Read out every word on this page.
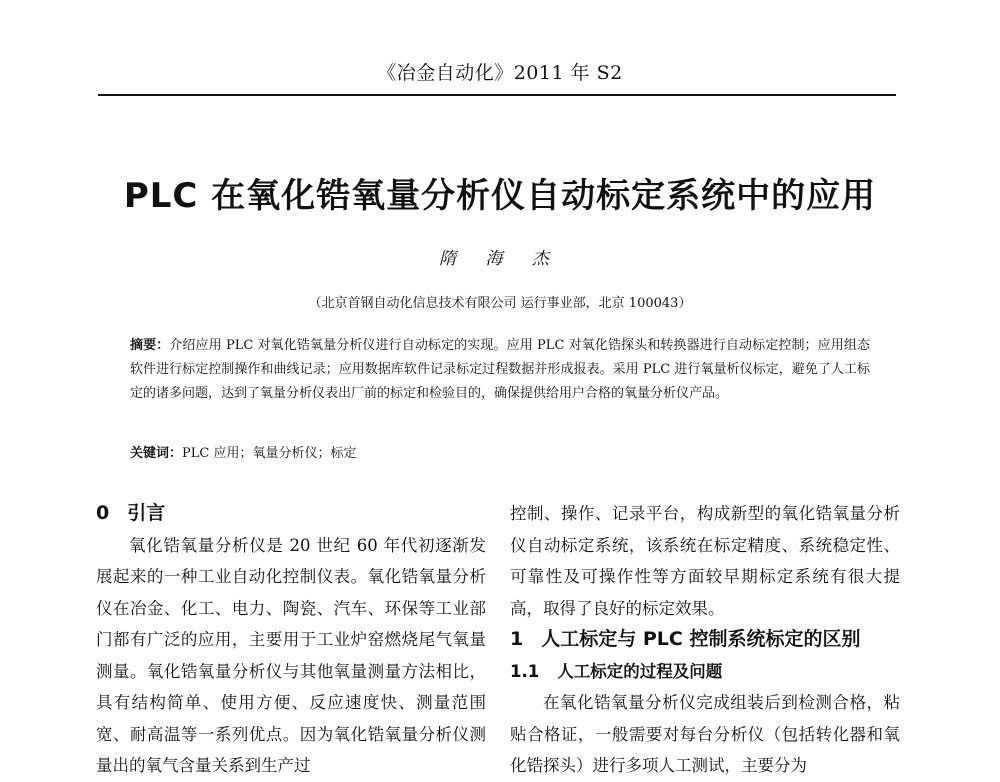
《冶金自动化》2011 年 S2
PLC 在氧化锆氧量分析仪自动标定系统中的应用
隋 海 杰
（北京首钢自动化信息技术有限公司 运行事业部，北京 100043）

摘要：介绍应用 PLC 对氧化锆氧量分析仪进行自动标定的实现。应用 PLC 对氧化锆探头和转换器进行自动标定控制；应用组态软件进行标定控制操作和曲线记录；应用数据库软件记录标定过程数据并形成报表。采用 PLC 进行氧量析仪标定，避免了人工标定的诸多问题，达到了氧量分析仪表出厂前的标定和检验目的，确保提供给用户合格的氧量分析仪产品。

关键词：PLC 应用；氧量分析仪；标定

0 引言

氧化锆氧量分析仪是 20 世纪 60 年代初逐渐发展起来的一种工业自动化控制仪表。氧化锆氧量分析仪在冶金、化工、电力、陶瓷、汽车、环保等工业部门都有广泛的应用，主要用于工业炉窑燃烧尾气氧量测量。氧化锆氧量分析仪与其他氧量测量方法相比，具有结构简单、使用方便、反应速度快、测量范围宽、耐高温等一系列优点。因为氧化锆氧量分析仪测量出的氧气含量关系到生产过

控制、操作、记录平台，构成新型的氧化锆氧量分析仪自动标定系统，该系统在标定精度、系统稳定性、可靠性及可操作性等方面较早期标定系统有很大提高，取得了良好的标定效果。

1 人工标定与 PLC 控制系统标定的区别

1.1 人工标定的过程及问题

在氧化锆氧量分析仪完成组装后到检测合格，粘贴合格证，一般需要对每台分析仪（包括转化器和氧化锆探头）进行多项人工测试，主要分为
